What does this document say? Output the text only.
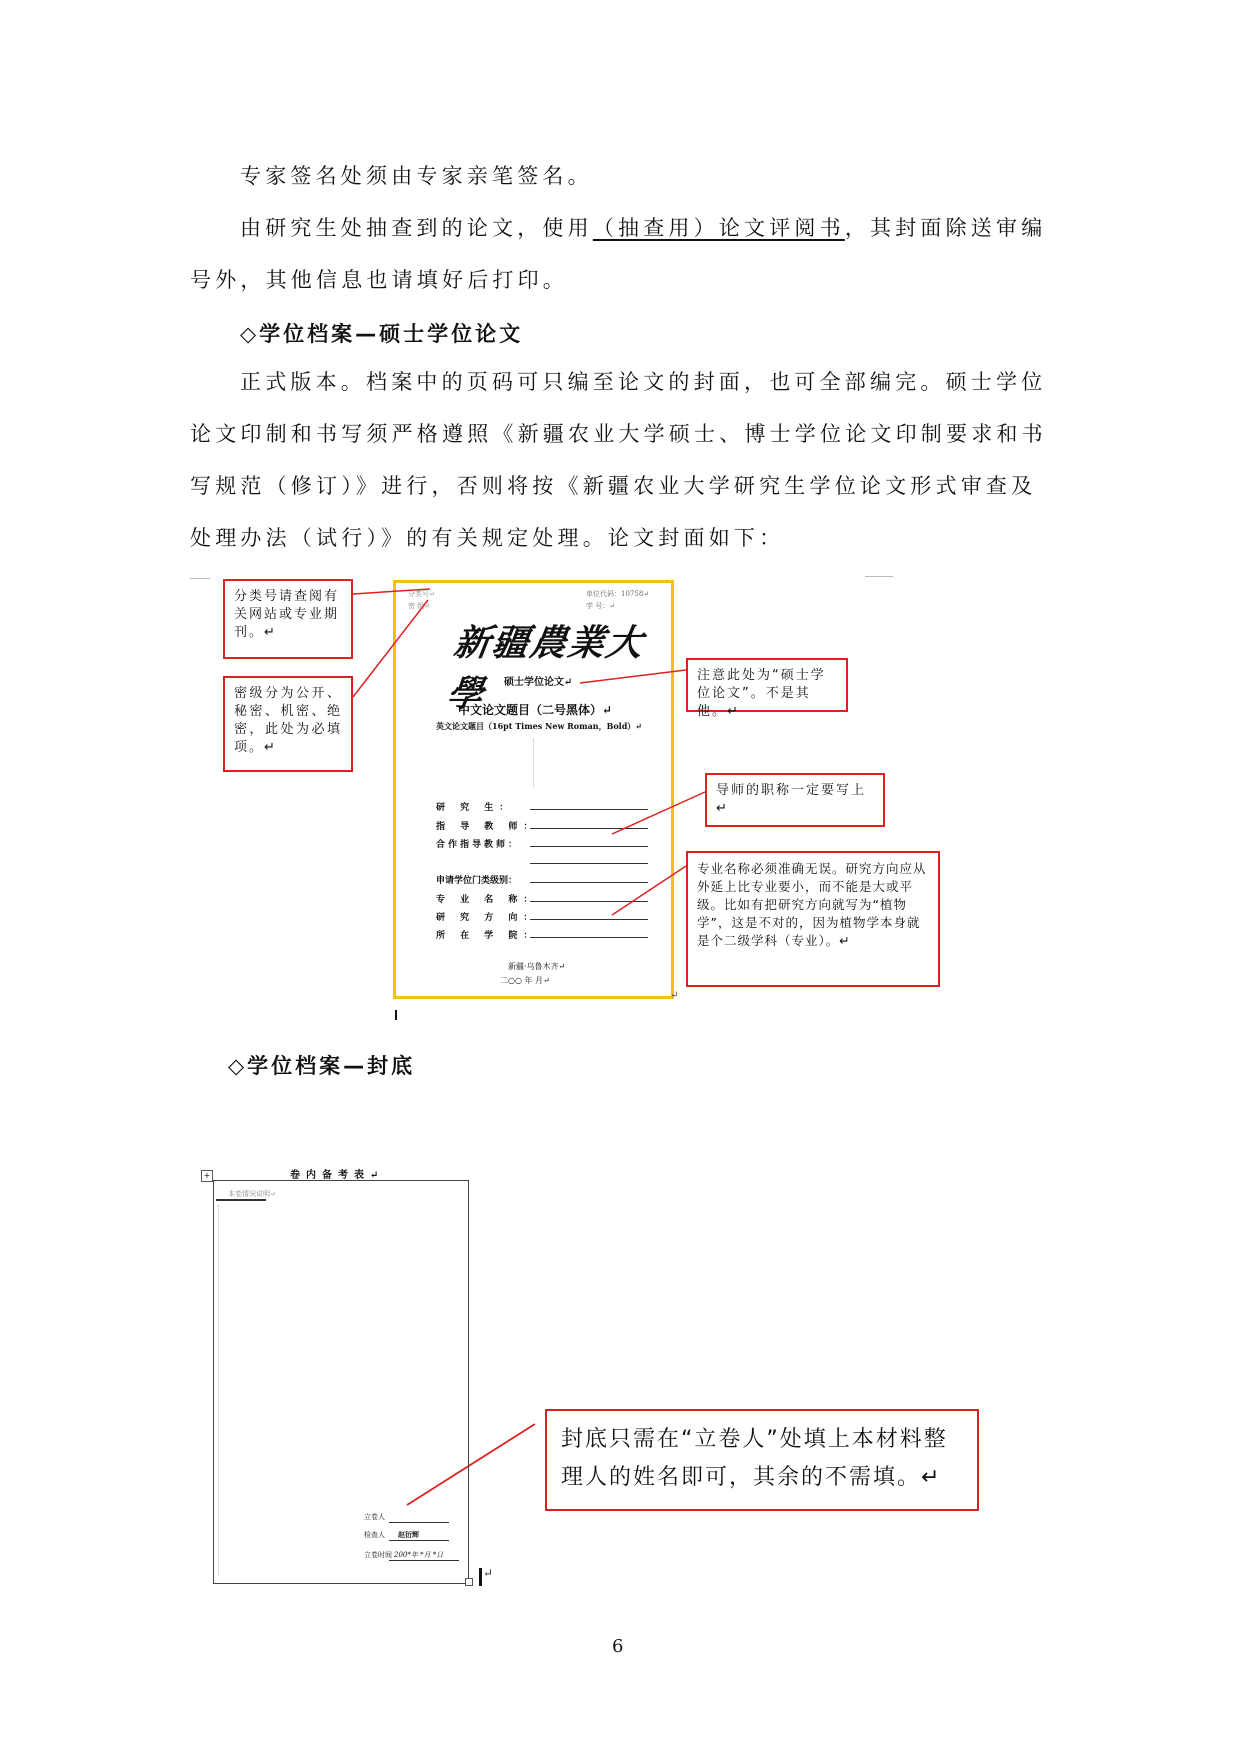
专家签名处须由专家亲笔签名。
由研究生处抽查到的论文，使用（抽查用）论文评阅书，其封面除送审编号外，其他信息也请填好后打印。
◇学位档案—硕士学位论文
正式版本。档案中的页码可只编至论文的封面，也可全部编完。硕士学位论文印制和书写须严格遵照《新疆农业大学硕士、博士学位论文印制要求和书写规范（修订）》进行，否则将按《新疆农业大学研究生学位论文形式审查及处理办法（试行）》的有关规定处理。论文封面如下：
分类号↵
密 级↵
单位代码：10758↵
学 号：↵
新疆農業大學	硕士学位论文↵
中文论文题目（二号黑体）↵
英文论文题目（16pt Times New Roman，Bold）↵
研 究 生：
指 导 教 师：
合作指导教师：
申请学位门类级别：
专 业 名 称：
研 究 方 向：
所 在 学 院：
新疆·乌鲁木齐↵
二○○ 年 月↵
↵
分类号请查阅有关网站或专业期刊。↵
密级分为公开、秘密、机密、绝密，此处为必填项。↵
注意此处为“硕士学位论文”。不是其他。↵
导师的职称一定要写上↵
专业名称必须准确无误。研究方向应从外延上比专业要小，而不能是大或平级。比如有把研究方向就写为“植物学”，这是不对的，因为植物学本身就是个二级学科（专业）。↵
◇学位档案—封底
+	卷内备考表↵
本卷情况说明↵
立卷人
检查人 赵衍辉
立卷时间 200*年 *月 *日
↵
封底只需在“立卷人”处填上本材料整理人的姓名即可，其余的不需填。↵
6
